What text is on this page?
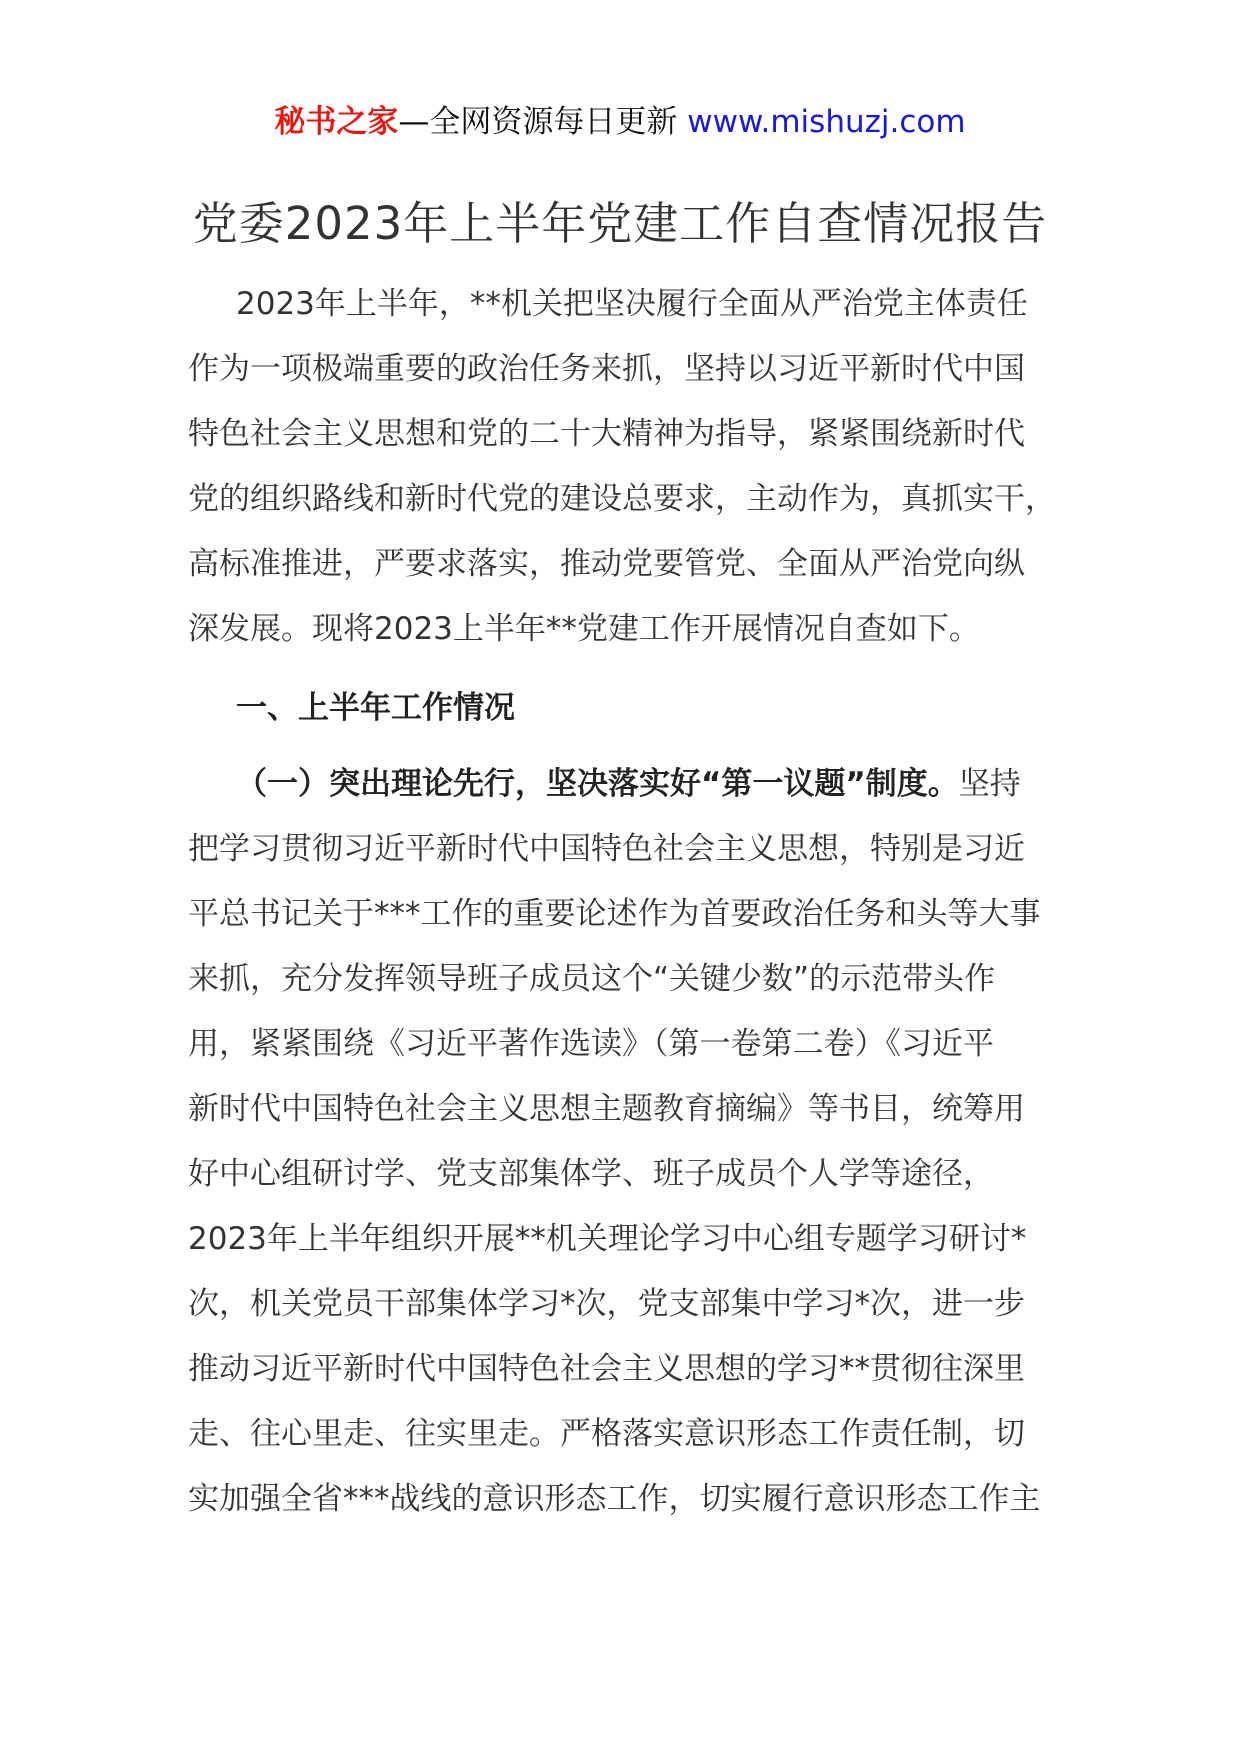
秘书之家—全网资源每日更新 www.mishuzj.com
党委2023年上半年党建工作自查情况报告
2023年上半年，**机关把坚决履行全面从严治党主体责任
作为一项极端重要的政治任务来抓，坚持以习近平新时代中国
特色社会主义思想和党的二十大精神为指导，紧紧围绕新时代
党的组织路线和新时代党的建设总要求，主动作为，真抓实干，
高标准推进，严要求落实，推动党要管党、全面从严治党向纵
深发展。现将2023上半年**党建工作开展情况自查如下。
一、上半年工作情况
（一）突出理论先行，坚决落实好“第一议题”制度。坚持
把学习贯彻习近平新时代中国特色社会主义思想，特别是习近
平总书记关于***工作的重要论述作为首要政治任务和头等大事
来抓，充分发挥领导班子成员这个“关键少数”的示范带头作
用，紧紧围绕《习近平著作选读》（第一卷第二卷）《习近平
新时代中国特色社会主义思想主题教育摘编》等书目，统筹用
好中心组研讨学、党支部集体学、班子成员个人学等途径，
2023年上半年组织开展**机关理论学习中心组专题学习研讨*
次，机关党员干部集体学习*次，党支部集中学习*次，进一步
推动习近平新时代中国特色社会主义思想的学习**贯彻往深里
走、往心里走、往实里走。严格落实意识形态工作责任制，切
实加强全省***战线的意识形态工作，切实履行意识形态工作主
